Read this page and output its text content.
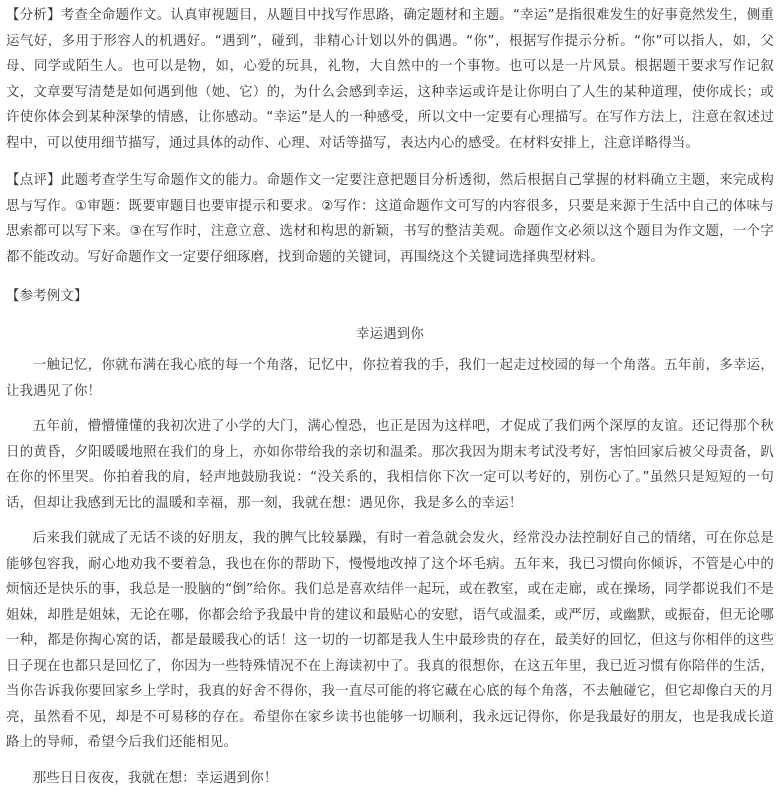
【分析】考查全命题作文。认真审视题目，从题目中找写作思路，确定题材和主题。“幸运”是指很难发生的好事竟然发生，侧重运气好，多用于形容人的机遇好。“遇到”，碰到，非精心计划以外的偶遇。“你”，根据写作提示分析。“你”可以指人，如，父母、同学或陌生人。也可以是物，如，心爱的玩具，礼物，大自然中的一个事物。也可以是一片风景。根据题干要求写作记叙文，文章要写清楚是如何遇到他（她、它）的，为什么会感到幸运，这种幸运或许是让你明白了人生的某种道理，使你成长；或许使你体会到某种深挚的情感，让你感动。“幸运”是人的一种感受，所以文中一定要有心理描写。在写作方法上，注意在叙述过程中，可以使用细节描写，通过具体的动作、心理、对话等描写，表达内心的感受。在材料安排上，注意详略得当。

【点评】此题考查学生写命题作文的能力。命题作文一定要注意把题目分析透彻，然后根据自己掌握的材料确立主题，来完成构思与写作。①审题：既要审题目也要审提示和要求。②写作：这道命题作文可写的内容很多，只要是来源于生活中自己的体味与思索都可以写下来。③在写作时，注意立意、选材和构思的新颖，书写的整洁美观。命题作文必须以这个题目为作文题，一个字都不能改动。写好命题作文一定要仔细琢磨，找到命题的关键词，再围绕这个关键词选择典型材料。

【参考例文】

幸运遇到你

一触记忆，你就布满在我心底的每一个角落，记忆中，你拉着我的手，我们一起走过校园的每一个角落。五年前，多幸运，让我遇见了你！

五年前，懵懵懂懂的我初次进了小学的大门，满心惶恐，也正是因为这样吧，才促成了我们两个深厚的友谊。还记得那个秋日的黄昏，夕阳暖暖地照在我们的身上，亦如你带给我的亲切和温柔。那次我因为期末考试没考好，害怕回家后被父母责备，趴在你的怀里哭。你拍着我的肩，轻声地鼓励我说：“没关系的，我相信你下次一定可以考好的，别伤心了。”虽然只是短短的一句话，但却让我感到无比的温暖和幸福，那一刻，我就在想：遇见你，我是多么的幸运！

后来我们就成了无话不谈的好朋友，我的脾气比较暴躁，有时一着急就会发火，经常没办法控制好自己的情绪，可在你总是能够包容我，耐心地劝我不要着急，我也在你的帮助下，慢慢地改掉了这个坏毛病。五年来，我已习惯向你倾诉，不管是心中的烦恼还是快乐的事，我总是一股脑的“倒”给你。我们总是喜欢结伴一起玩，或在教室，或在走廊，或在操场，同学都说我们不是姐妹，却胜是姐妹，无论在哪，你都会给予我最中肯的建议和最贴心的安慰，语气或温柔，或严厉，或幽默，或振奋，但无论哪一种，都是你掏心窝的话，都是最暖我心的话！这一切的一切都是我人生中最珍贵的存在，最美好的回忆，但这与你相伴的这些日子现在也都只是回忆了，你因为一些特殊情况不在上海读初中了。我真的很想你，在这五年里，我已近习惯有你陪伴的生活，当你告诉我你要回家乡上学时，我真的好舍不得你，我一直尽可能的将它藏在心底的每个角落，不去触碰它，但它却像白天的月亮，虽然看不见，却是不可易移的存在。希望你在家乡读书也能够一切顺利，我永远记得你，你是我最好的朋友，也是我成长道路上的导师，希望今后我们还能相见。

那些日日夜夜，我就在想：幸运遇到你！
